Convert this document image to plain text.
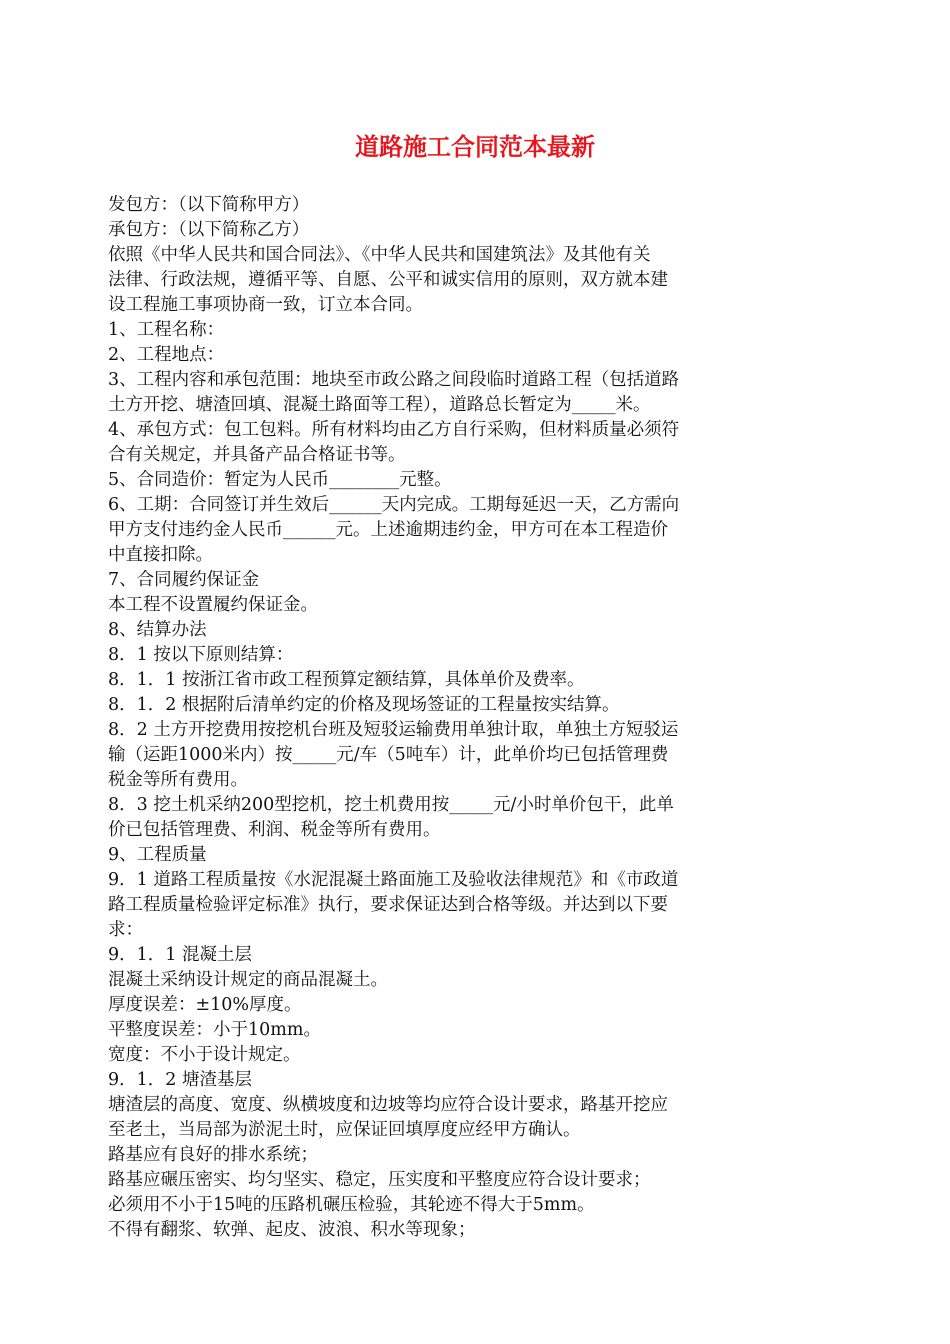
道路施工合同范本最新
发包方：（以下简称甲方）
承包方：（以下简称乙方）
依照《中华人民共和国合同法》、《中华人民共和国建筑法》及其他有关
法律、行政法规，遵循平等、自愿、公平和诚实信用的原则，双方就本建
设工程施工事项协商一致，订立本合同。
1、工程名称：
2、工程地点：
3、工程内容和承包范围：地块至市政公路之间段临时道路工程（包括道路
土方开挖、塘渣回填、混凝土路面等工程），道路总长暂定为_____米。
4、承包方式：包工包料。所有材料均由乙方自行采购，但材料质量必须符
合有关规定，并具备产品合格证书等。
5、合同造价：暂定为人民币________元整。
6、工期：合同签订并生效后______天内完成。工期每延迟一天，乙方需向
甲方支付违约金人民币______元。上述逾期违约金，甲方可在本工程造价
中直接扣除。
7、合同履约保证金
本工程不设置履约保证金。
8、结算办法
8．1 按以下原则结算：
8．1．1 按浙江省市政工程预算定额结算，具体单价及费率。
8．1．2 根据附后清单约定的价格及现场签证的工程量按实结算。
8．2 土方开挖费用按挖机台班及短驳运输费用单独计取，单独土方短驳运
输（运距1000米内）按_____元/车（5吨车）计，此单价均已包括管理费
税金等所有费用。
8．3 挖土机采纳200型挖机，挖土机费用按_____元/小时单价包干，此单
价已包括管理费、利润、税金等所有费用。
9、工程质量
9．1 道路工程质量按《水泥混凝土路面施工及验收法律规范》和《市政道
路工程质量检验评定标准》执行，要求保证达到合格等级。并达到以下要
求：
9．1．1 混凝土层
混凝土采纳设计规定的商品混凝土。
厚度误差：±10%厚度。
平整度误差：小于10mm。
宽度：不小于设计规定。
9．1．2 塘渣基层
塘渣层的高度、宽度、纵横坡度和边坡等均应符合设计要求，路基开挖应
至老土，当局部为淤泥土时，应保证回填厚度应经甲方确认。
路基应有良好的排水系统；
路基应碾压密实、均匀坚实、稳定，压实度和平整度应符合设计要求；
必须用不小于15吨的压路机碾压检验，其轮迹不得大于5mm。
不得有翻浆、软弹、起皮、波浪、积水等现象；
